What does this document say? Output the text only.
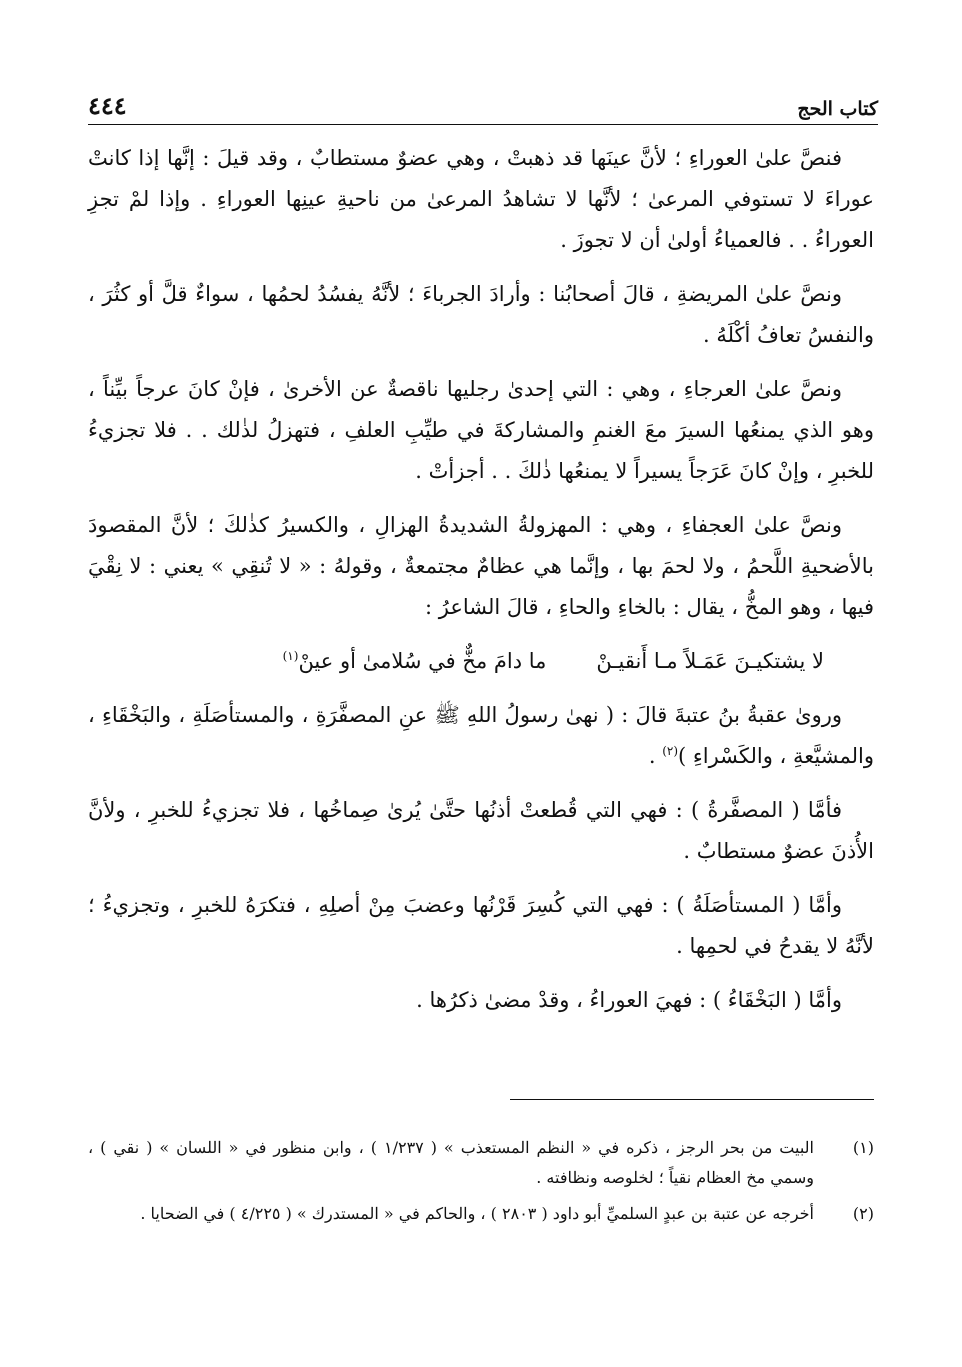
٤٤٤	كتاب الحج

فنصَّ علىٰ العوراءِ ؛ لأنَّ عينَها قد ذهبتْ ، وهي عضوٌ مستطابٌ ، وقد قيلَ : إنَّها إذا كانتْ عوراءَ لا تستوفي المرعىٰ ؛ لأنَّها لا تشاهدُ المرعىٰ من ناحيةِ عينِها العوراءِ . وإذا لمْ تجزِ العوراءُ . . فالعمياءُ أولىٰ أن لا تجوزَ .

ونصَّ علىٰ المريضةِ ، قالَ أصحابُنا : وأرادَ الجرباءَ ؛ لأنَّهُ يفسُدُ لحمُها ، سواءٌ قلَّ أو كثُرَ ، والنفسُ تعافُ أكْلَهُ .

ونصَّ علىٰ العرجاءِ ، وهي : التي إحدىٰ رجليها ناقصةٌ عن الأخرىٰ ، فإنْ كانَ عرجاً بيِّناً ، وهو الذي يمنعُها السيرَ معَ الغنمِ والمشاركةَ في طيِّبِ العلفِ ، فتهزلُ لذٰلك . . فلا تجزيءُ للخبرِ ، وإنْ كانَ عَرَجاً يسيراً لا يمنعُها ذٰلكَ . . أجزأتْ .

ونصَّ علىٰ العجفاءِ ، وهي : المهزولةُ الشديدةُ الهزالِ ، والكسيرُ كذٰلكَ ؛ لأنَّ المقصودَ بالأضحيةِ اللَّحمُ ، ولا لحمَ بها ، وإنَّما هي عظامٌ مجتمعةٌ ، وقولهُ : « لا تُنقِي » يعني : لا نِقْيَ فيها ، وهو المخُّ ، يقال : بالخاءِ والحاءِ ، قالَ الشاعرُ :

لا يشتكيـنَ عَمَـلاً مـا أَنقيـنْ
ما دامَ مخٌّ في سُلامىٰ أو عينْ$^{(١)}$

وروىٰ عقبةُ بنُ عتبةَ قالَ : ( نهىٰ رسولُ اللهِ ﷺ عنِ المصفَّرَةِ ، والمستأصَلَةِ ، والبَخْقَاءِ ، والمشيَّعةِ ، والكَسْراءِ )$^{(٢)}$ .

فأمَّا ( المصفَّرةُ ) : فهي التي قُطعتْ أذنُها حتَّىٰ يُرىٰ صِماخُها ، فلا تجزيءُ للخبرِ ، ولأنَّ الأُذنَ عضوٌ مستطابٌ .

وأمَّا ( المستأصَلَةُ ) : فهي التي كُسِرَ قَرْنُها وعضبَ مِنْ أصلِهِ ، فتكرَهُ للخبرِ ، وتجزيءُ ؛ لأنَّهُ لا يقدحُ في لحمِها .

وأمَّا ( البَخْقَاءُ ) : فهيَ العوراءُ ، وقدْ مضىٰ ذكرُها .

(١)
البيت من بحر الرجز ، ذكره في « النظم المستعذب » ( ١/٢٣٧ ) ، وابن منظور في « اللسان » ( نقي ) ، وسمي مخ العظام نقياً ؛ لخلوصه ونظافته .
(٢)
أخرجه عن عتبة بن عبدٍ السلميِّ أبو داود ( ٢٨٠٣ ) ، والحاكم في « المستدرك » ( ٤/٢٢٥ ) في الضحايا .
